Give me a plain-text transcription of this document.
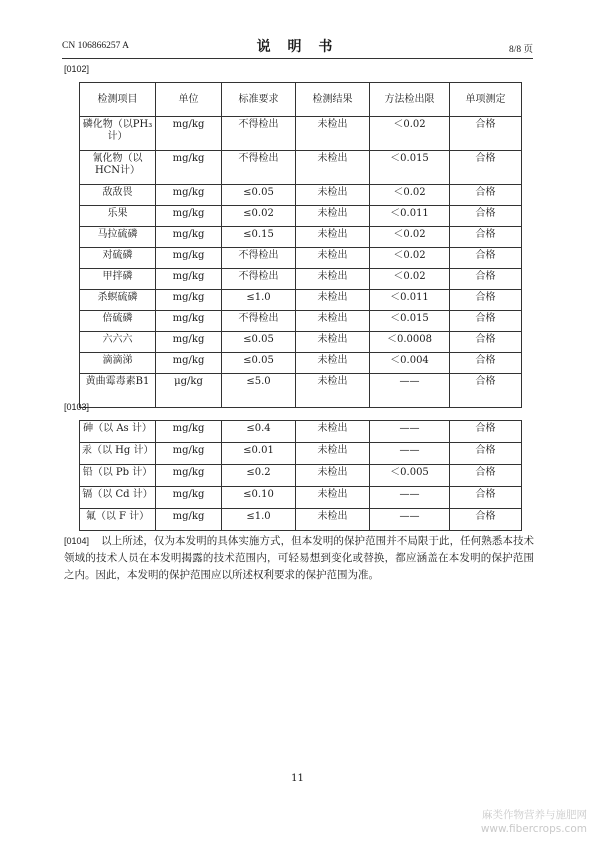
CN 106866257 A	说 明 书	8/8 页
[0102]
检测项目	单位	标准要求	检测结果	方法检出限	单项测定
磷化物（以PH₃计）	mg/kg	不得检出	未检出	＜0.02	合格
氰化物（以HCN计）	mg/kg	不得检出	未检出	＜0.015	合格
敌敌畏	mg/kg	≤0.05	未检出	＜0.02	合格
乐果	mg/kg	≤0.02	未检出	＜0.011	合格
马拉硫磷	mg/kg	≤0.15	未检出	＜0.02	合格
对硫磷	mg/kg	不得检出	未检出	＜0.02	合格
甲拌磷	mg/kg	不得检出	未检出	＜0.02	合格
杀螟硫磷	mg/kg	≤1.0	未检出	＜0.011	合格
倍硫磷	mg/kg	不得检出	未检出	＜0.015	合格
六六六	mg/kg	≤0.05	未检出	＜0.0008	合格
滴滴涕	mg/kg	≤0.05	未检出	＜0.004	合格
黄曲霉毒素B1	μg/kg	≤5.0	未检出	——	合格
[0103]
砷（以 As 计）	mg/kg	≤0.4	未检出	——	合格
汞（以 Hg 计）	mg/kg	≤0.01	未检出	——	合格
铅（以 Pb 计）	mg/kg	≤0.2	未检出	＜0.005	合格
镉（以 Cd 计）	mg/kg	≤0.10	未检出	——	合格
氟（以 F 计）	mg/kg	≤1.0	未检出	——	合格
[0104] 以上所述，仅为本发明的具体实施方式，但本发明的保护范围并不局限于此，任何熟悉本技术领域的技术人员在本发明揭露的技术范围内，可轻易想到变化或替换，都应涵盖在本发明的保护范围之内。因此，本发明的保护范围应以所述权利要求的保护范围为准。
11
麻类作物营养与施肥网
www.fibercrops.com
